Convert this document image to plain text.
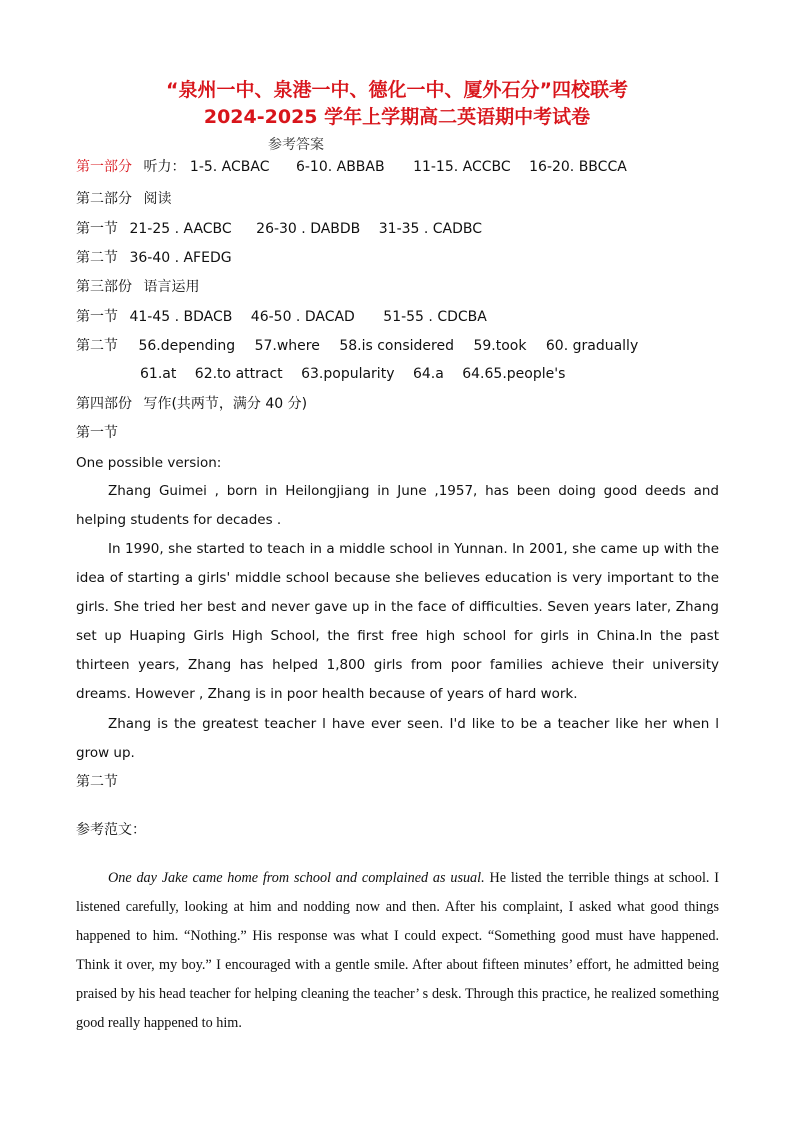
“泉州一中、泉港一中、德化一中、厦外石分”四校联考
2024-2025 学年上学期高二英语期中考试卷
参考答案
第一部分 听力： 1-5. ACBAC 6-10. ABBAB 11-15. ACCBC 16-20. BBCCA
第二部分 阅读
第一节 21-25 . AACBC 26-30 . DABDB 31-35 . CADBC
第二节 36-40 . AFEDG
第三部份 语言运用
第一节 41-45 . BDACB 46-50 . DACAD 51-55 . CDCBA
第二节 56.depending 57.where 58.is considered 59.took 60. gradually
61.at 62.to attract 63.popularity 64.a 64.65.people's
第四部份 写作(共两节，满分 40 分)
第一节
One possible version:

Zhang Guimei , born in Heilongjiang in June ,1957, has been doing good deeds and helping students for decades .

In 1990, she started to teach in a middle school in Yunnan. In 2001, she came up with the idea of starting a girls' middle school because she believes education is very important to the girls. She tried her best and never gave up in the face of difficulties. Seven years later, Zhang set up Huaping Girls High School, the first free high school for girls in China.In the past thirteen years, Zhang has helped 1,800 girls from poor families achieve their university dreams. However , Zhang is in poor health because of years of hard work.

Zhang is the greatest teacher l have ever seen. I'd like to be a teacher like her when l grow up.

第二节
参考范文：

One day Jake came home from school and complained as usual. He listed the terrible things at school. I listened carefully, looking at him and nodding now and then. After his complaint, I asked what good things happened to him. “Nothing.” His response was what I could expect. “Something good must have happened. Think it over, my boy.” I encouraged with a gentle smile. After about fifteen minutes’ effort, he admitted being praised by his head teacher for helping cleaning the teacher’ s desk. Through this practice, he realized something good really happened to him.
